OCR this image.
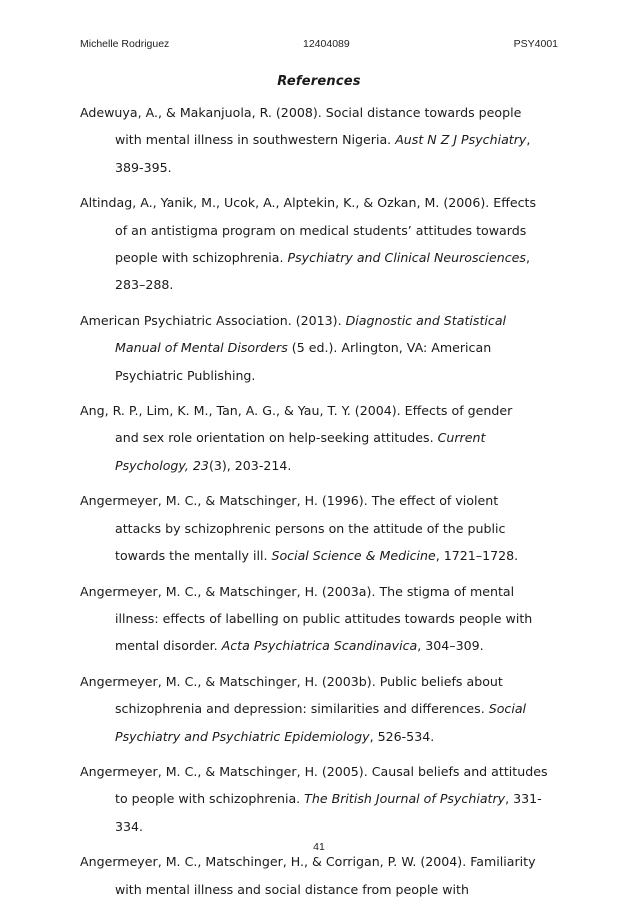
Michelle Rodriguez	12404089	PSY4001
References
Adewuya, A., & Makanjuola, R. (2008). Social distance towards people
with mental illness in southwestern Nigeria. Aust N Z J Psychiatry,
389-395.
Altindag, A., Yanik, M., Ucok, A., Alptekin, K., & Ozkan, M. (2006). Effects
of an antistigma program on medical students’ attitudes towards
people with schizophrenia. Psychiatry and Clinical Neurosciences,
283–288.
American Psychiatric Association. (2013). Diagnostic and Statistical
Manual of Mental Disorders (5 ed.). Arlington, VA: American
Psychiatric Publishing.
Ang, R. P., Lim, K. M., Tan, A. G., & Yau, T. Y. (2004). Effects of gender
and sex role orientation on help-seeking attitudes. Current
Psychology, 23(3), 203-214.
Angermeyer, M. C., & Matschinger, H. (1996). The effect of violent
attacks by schizophrenic persons on the attitude of the public
towards the mentally ill. Social Science & Medicine, 1721–1728.
Angermeyer, M. C., & Matschinger, H. (2003a). The stigma of mental
illness: effects of labelling on public attitudes towards people with
mental disorder. Acta Psychiatrica Scandinavica, 304–309.
Angermeyer, M. C., & Matschinger, H. (2003b). Public beliefs about
schizophrenia and depression: similarities and differences. Social
Psychiatry and Psychiatric Epidemiology, 526-534.
Angermeyer, M. C., & Matschinger, H. (2005). Causal beliefs and attitudes
to people with schizophrenia. The British Journal of Psychiatry, 331-
334.
Angermeyer, M. C., Matschinger, H., & Corrigan, P. W. (2004). Familiarity
with mental illness and social distance from people with
41
